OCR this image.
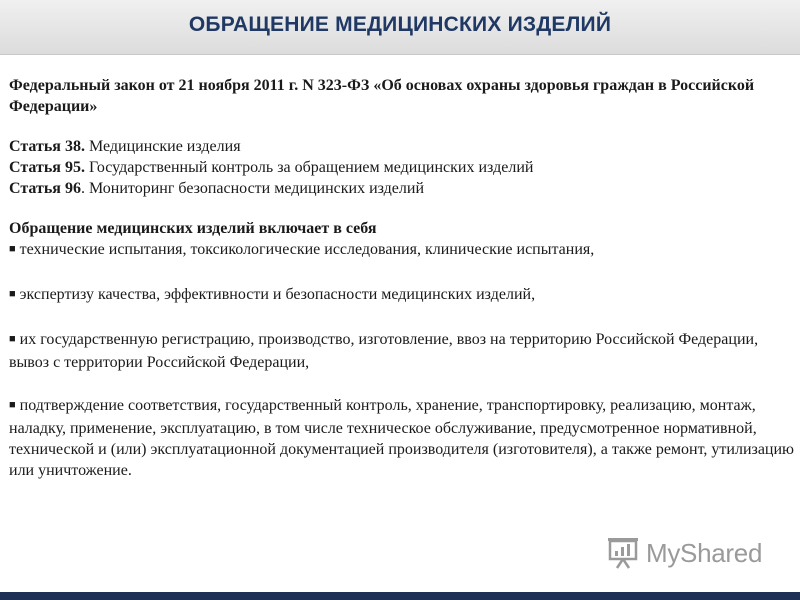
ОБРАЩЕНИЕ МЕДИЦИНСКИХ ИЗДЕЛИЙ

Федеральный закон от 21 ноября 2011 г. N 323-ФЗ «Об основах охраны здоровья граждан в Российской Федерации»

Статья 38. Медицинские изделия

Статья 95. Государственный контроль за обращением медицинских изделий

Статья 96. Мониторинг безопасности медицинских изделий

Обращение медицинских изделий включает в себя

■ технические испытания, токсикологические исследования, клинические испытания,

■ экспертизу качества, эффективности и безопасности медицинских изделий,

■ их государственную регистрацию, производство, изготовление, ввоз на территорию Российской Федерации, вывоз с территории Российской Федерации,

■ подтверждение соответствия, государственный контроль, хранение, транспортировку, реализацию, монтаж, наладку, применение, эксплуатацию, в том числе техническое обслуживание, предусмотренное нормативной, технической и (или) эксплуатационной документацией производителя (изготовителя), а также ремонт, утилизацию или уничтожение.

MyShared
